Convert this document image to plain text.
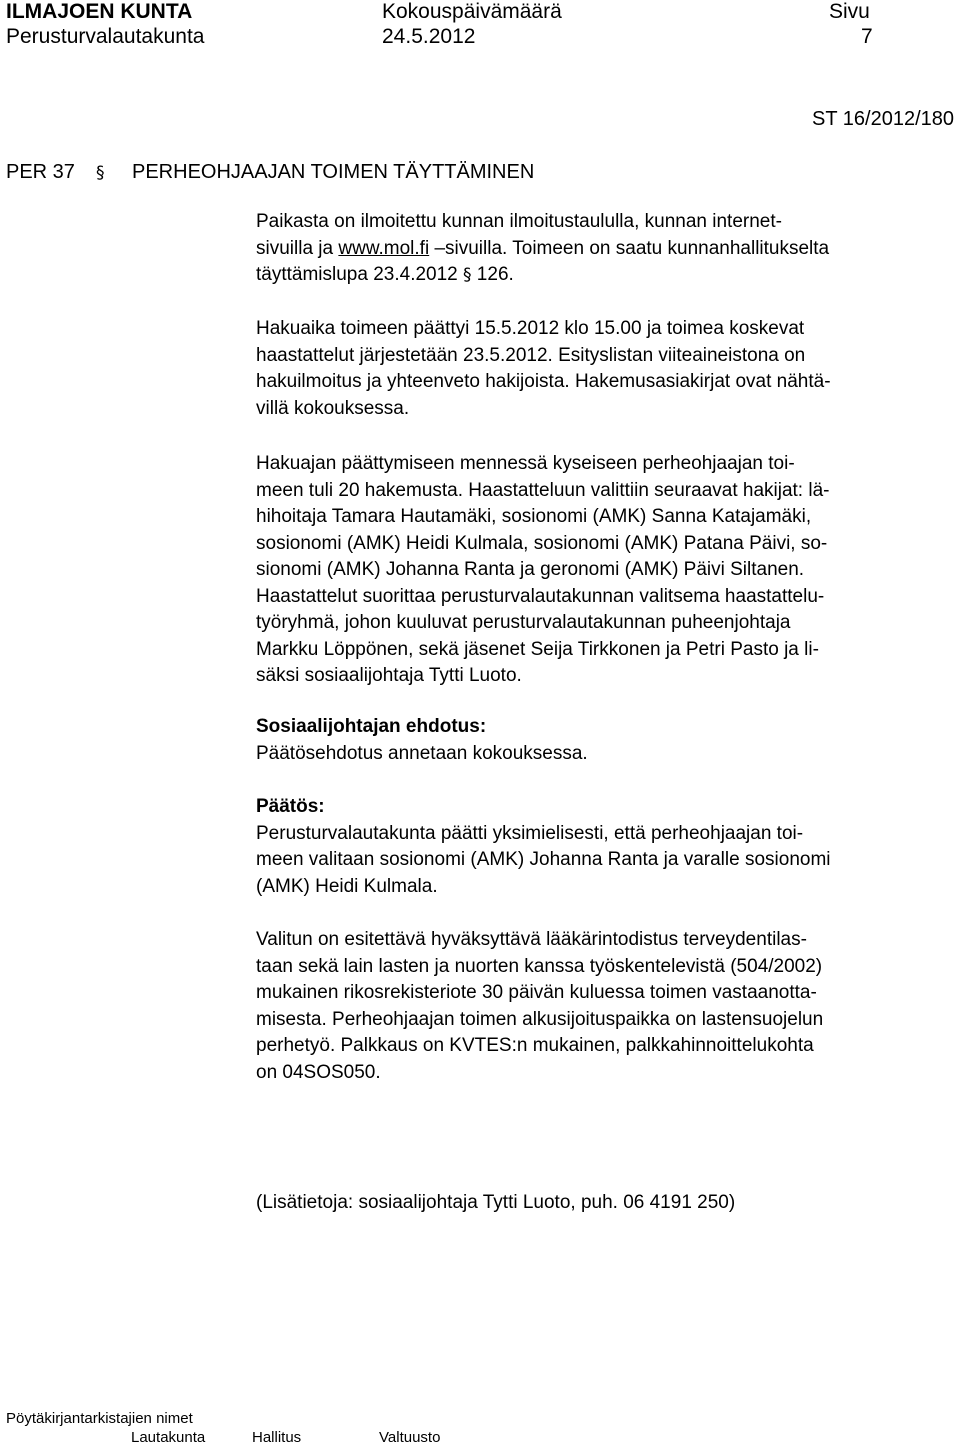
ILMAJOEN KUNTA	Kokouspäivämäärä	Sivu
Perusturvalautakunta	24.5.2012	7
ST 16/2012/180
PER 37 § PERHEOHJAAJAN TOIMEN TÄYTTÄMINEN
Paikasta on ilmoitettu kunnan ilmoitustaululla, kunnan internet-
sivuilla ja www.mol.fi –sivuilla. Toimeen on saatu kunnanhallitukselta
täyttämislupa 23.4.2012 § 126.
Hakuaika toimeen päättyi 15.5.2012 klo 15.00 ja toimea koskevat
haastattelut järjestetään 23.5.2012. Esityslistan viiteaineistona on
hakuilmoitus ja yhteenveto hakijoista. Hakemusasiakirjat ovat nähtä-
villä kokouksessa.
Hakuajan päättymiseen mennessä kyseiseen perheohjaajan toi-
meen tuli 20 hakemusta. Haastatteluun valittiin seuraavat hakijat: lä-
hihoitaja Tamara Hautamäki, sosionomi (AMK) Sanna Katajamäki,
sosionomi (AMK) Heidi Kulmala, sosionomi (AMK) Patana Päivi, so-
sionomi (AMK) Johanna Ranta ja geronomi (AMK) Päivi Siltanen.
Haastattelut suorittaa perusturvalautakunnan valitsema haastattelu-
työryhmä, johon kuuluvat perusturvalautakunnan puheenjohtaja
Markku Löppönen, sekä jäsenet Seija Tirkkonen ja Petri Pasto ja li-
säksi sosiaalijohtaja Tytti Luoto.
Sosiaalijohtajan ehdotus:
Päätösehdotus annetaan kokouksessa.
Päätös:
Perusturvalautakunta päätti yksimielisesti, että perheohjaajan toi-
meen valitaan sosionomi (AMK) Johanna Ranta ja varalle sosionomi
(AMK) Heidi Kulmala.
Valitun on esitettävä hyväksyttävä lääkärintodistus terveydentilas-
taan sekä lain lasten ja nuorten kanssa työskentelevistä (504/2002)
mukainen rikosrekisteriote 30 päivän kuluessa toimen vastaanotta-
misesta. Perheohjaajan toimen alkusijoituspaikka on lastensuojelun
perhetyö. Palkkaus on KVTES:n mukainen, palkkahinnoittelukohta
on 04SOS050.
(Lisätietoja: sosiaalijohtaja Tytti Luoto, puh. 06 4191 250)
Pöytäkirjantarkistajien nimet
Lautakunta	Hallitus	Valtuusto
